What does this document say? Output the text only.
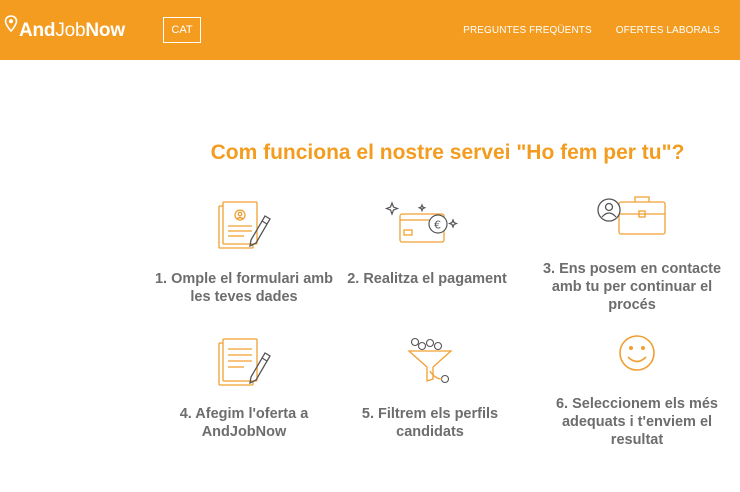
And Job Now	CAT	PREGUNTES FREQÜENTS OFERTES LABORALS
Com funciona el nostre servei "Ho fem per tu"?
1. Omple el formulari amb les teves dades
€
2. Realitza el pagament
3. Ens posem en contacte amb tu per continuar el procés
4. Afegim l'oferta a AndJobNow
5. Filtrem els perfils candidats
6. Seleccionem els més adequats i t'enviem el resultat
